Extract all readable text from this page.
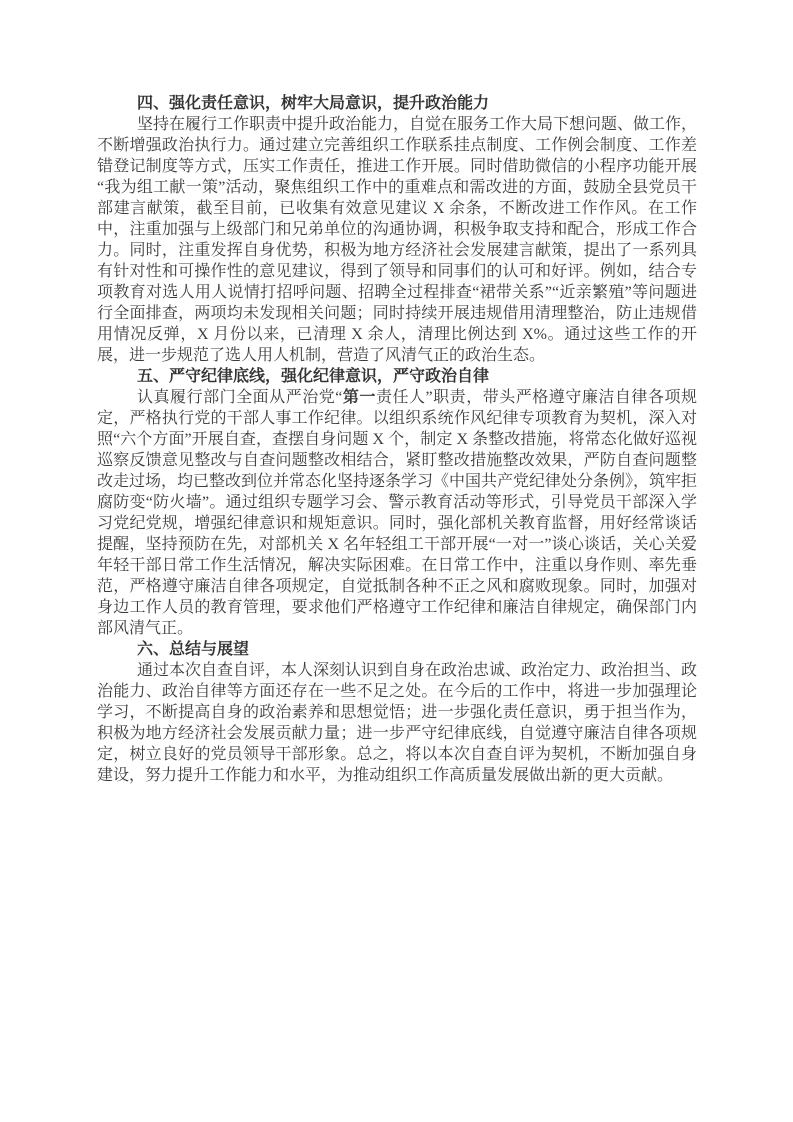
四、强化责任意识，树牢大局意识，提升政治能力

坚持在履行工作职责中提升政治能力，自觉在服务工作大局下想问题、做工作，不断增强政治执行力。通过建立完善组织工作联系挂点制度、工作例会制度、工作差错登记制度等方式，压实工作责任，推进工作开展。同时借助微信的小程序功能开展“我为组工献一策”活动，聚焦组织工作中的重难点和需改进的方面，鼓励全县党员干部建言献策，截至目前，已收集有效意见建议 X 余条，不断改进工作作风。在工作中，注重加强与上级部门和兄弟单位的沟通协调，积极争取支持和配合，形成工作合力。同时，注重发挥自身优势，积极为地方经济社会发展建言献策，提出了一系列具有针对性和可操作性的意见建议，得到了领导和同事们的认可和好评。例如，结合专项教育对选人用人说情打招呼问题、招聘全过程排查“裙带关系”“近亲繁殖”等问题进行全面排查，两项均未发现相关问题；同时持续开展违规借用清理整治，防止违规借用情况反弹，X 月份以来，已清理 X 余人，清理比例达到 X%。通过这些工作的开展，进一步规范了选人用人机制，营造了风清气正的政治生态。

五、严守纪律底线，强化纪律意识，严守政治自律

认真履行部门全面从严治党“第一责任人”职责，带头严格遵守廉洁自律各项规定，严格执行党的干部人事工作纪律。以组织系统作风纪律专项教育为契机，深入对照“六个方面”开展自查，查摆自身问题 X 个，制定 X 条整改措施，将常态化做好巡视巡察反馈意见整改与自查问题整改相结合，紧盯整改措施整改效果，严防自查问题整改走过场，均已整改到位并常态化坚持逐条学习《中国共产党纪律处分条例》，筑牢拒腐防变“防火墙”。通过组织专题学习会、警示教育活动等形式，引导党员干部深入学习党纪党规，增强纪律意识和规矩意识。同时，强化部机关教育监督，用好经常谈话提醒，坚持预防在先，对部机关 X 名年轻组工干部开展“一对一”谈心谈话，关心关爱年轻干部日常工作生活情况，解决实际困难。在日常工作中，注重以身作则、率先垂范，严格遵守廉洁自律各项规定，自觉抵制各种不正之风和腐败现象。同时，加强对身边工作人员的教育管理，要求他们严格遵守工作纪律和廉洁自律规定，确保部门内部风清气正。

六、总结与展望

通过本次自查自评，本人深刻认识到自身在政治忠诚、政治定力、政治担当、政治能力、政治自律等方面还存在一些不足之处。在今后的工作中，将进一步加强理论学习，不断提高自身的政治素养和思想觉悟；进一步强化责任意识，勇于担当作为，积极为地方经济社会发展贡献力量；进一步严守纪律底线，自觉遵守廉洁自律各项规定，树立良好的党员领导干部形象。总之，将以本次自查自评为契机，不断加强自身建设，努力提升工作能力和水平，为推动组织工作高质量发展做出新的更大贡献。
